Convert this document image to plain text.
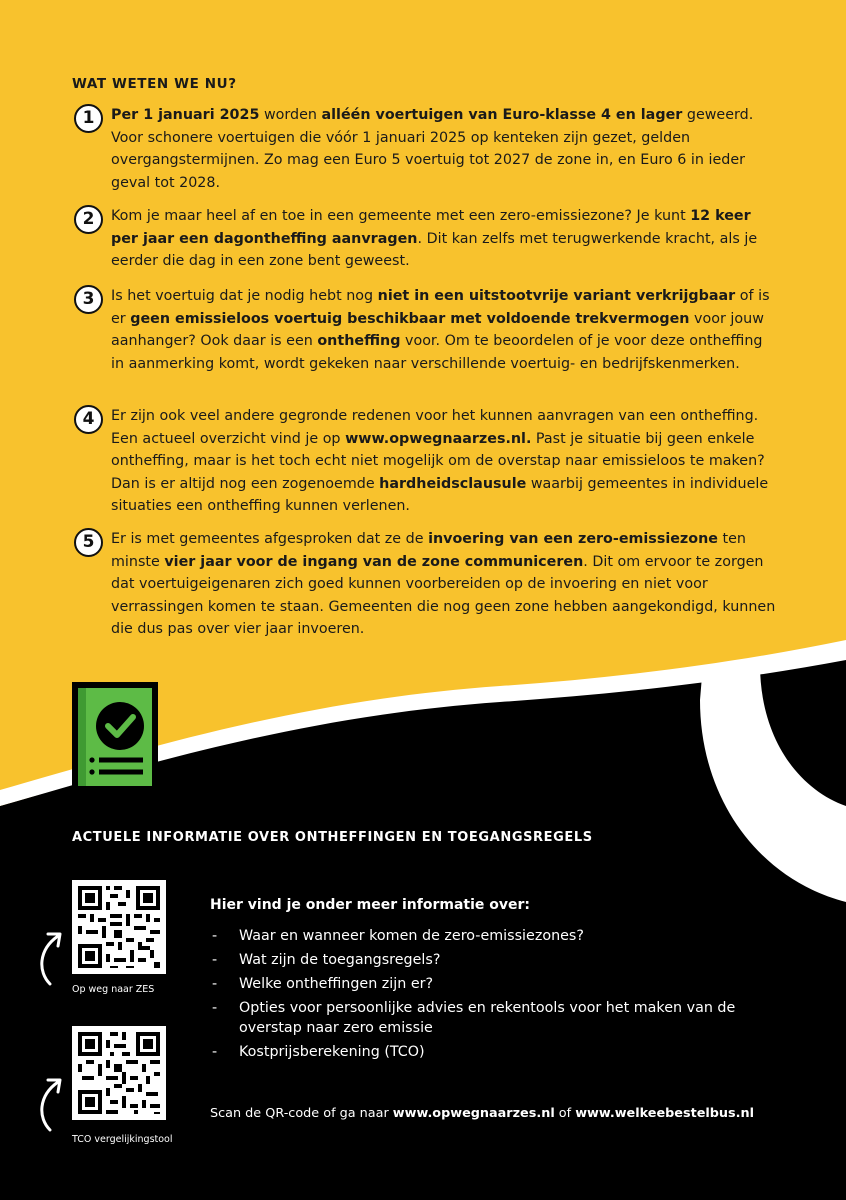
WAT WETEN WE NU?
1	Per 1 januari 2025 worden alléén voertuigen van Euro-klasse 4 en lager geweerd. Voor schonere voertuigen die vóór 1 januari 2025 op kenteken zijn gezet, gelden overgangstermijnen. Zo mag een Euro 5 voertuig tot 2027 de zone in, en Euro 6 in ieder geval tot 2028.
2	Kom je maar heel af en toe in een gemeente met een zero-emissiezone? Je kunt 12 keer per jaar een dagontheffing aanvragen. Dit kan zelfs met terugwerkende kracht, als je eerder die dag in een zone bent geweest.
3	Is het voertuig dat je nodig hebt nog niet in een uitstootvrije variant verkrijgbaar of is er geen emissieloos voertuig beschikbaar met voldoende trekvermogen voor jouw aanhanger? Ook daar is een ontheffing voor. Om te beoordelen of je voor deze ontheffing in aanmerking komt, wordt gekeken naar verschillende voertuig- en bedrijfskenmerken.
4	Er zijn ook veel andere gegronde redenen voor het kunnen aanvragen van een ontheffing. Een actueel overzicht vind je op www.opwegnaarzes.nl. Past je situatie bij geen enkele ontheffing, maar is het toch echt niet mogelijk om de overstap naar emissieloos te maken? Dan is er altijd nog een zogenoemde hardheidsclausule waarbij gemeentes in individuele situaties een ontheffing kunnen verlenen.
5	Er is met gemeentes afgesproken dat ze de invoering van een zero-emissiezone ten minste vier jaar voor de ingang van de zone communiceren. Dit om ervoor te zorgen dat voertuigeigenaren zich goed kunnen voorbereiden op de invoering en niet voor verrassingen komen te staan. Gemeenten die nog geen zone hebben aangekondigd, kunnen die dus pas over vier jaar invoeren.
ACTUELE INFORMATIE OVER ONTHEFFINGEN EN TOEGANGSREGELS
Op weg naar ZES
TCO vergelijkingstool
Hier vind je onder meer informatie over:
- Waar en wanneer komen de zero-emissiezones?
- Wat zijn de toegangsregels?
- Welke ontheffingen zijn er?
- Opties voor persoonlijke advies en rekentools voor het maken van de overstap naar zero emissie
- Kostprijsberekening (TCO)
Scan de QR-code of ga naar www.opwegnaarzes.nl of www.welkeebestelbus.nl
